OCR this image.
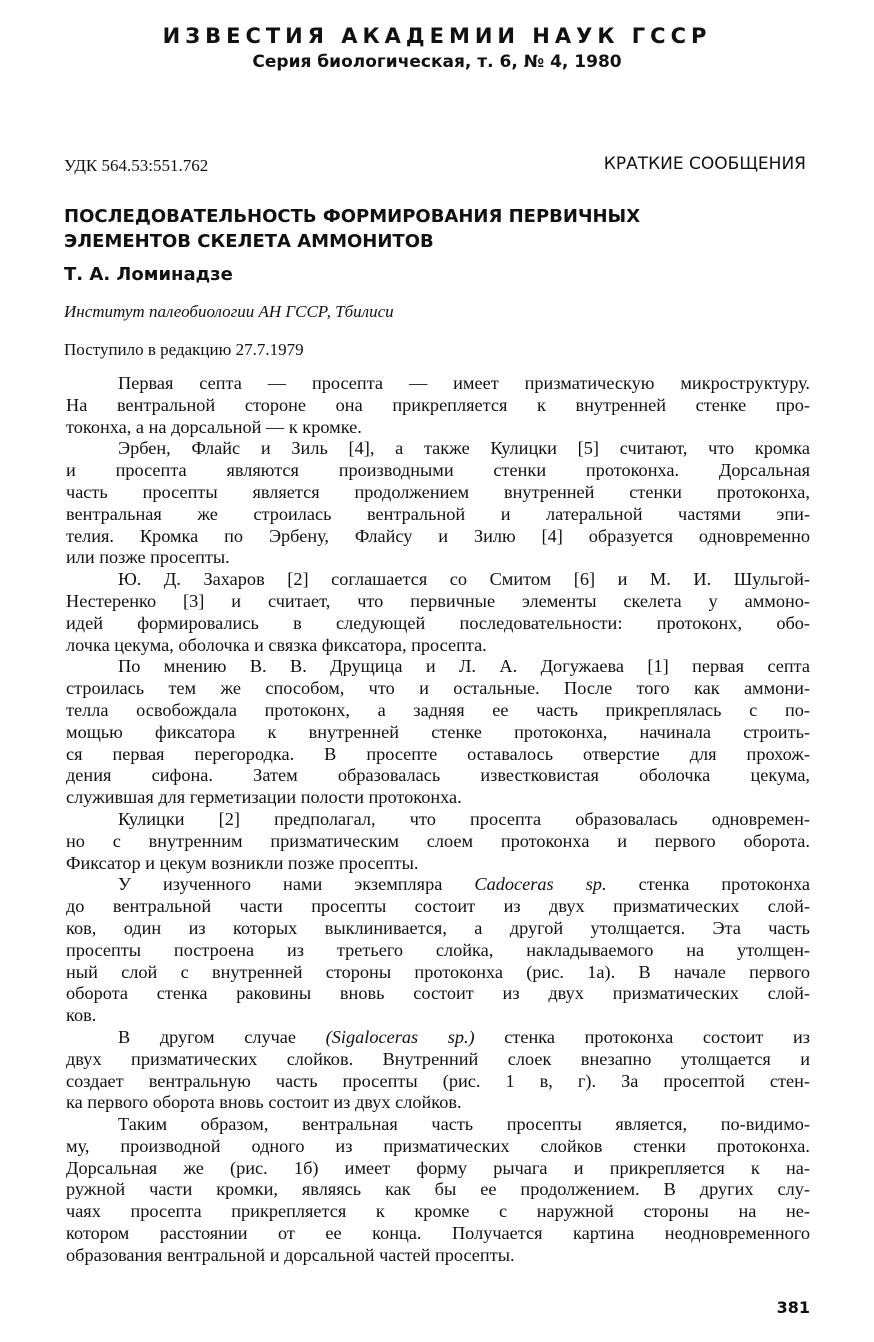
ИЗВЕСТИЯ АКАДЕМИИ НАУК ГССР
Серия биологическая, т. 6, № 4, 1980
УДК 564.53:551.762	КРАТКИЕ СООБЩЕНИЯ
ПОСЛЕДОВАТЕЛЬНОСТЬ ФОРМИРОВАНИЯ ПЕРВИЧНЫХ
ЭЛЕМЕНТОВ СКЕЛЕТА АММОНИТОВ
Т. А. Ломинадзе
Институт палеобиологии АН ГССР, Тбилиси
Поступило в редакцию 27.7.1979
Первая септа — просепта — имеет призматическую микроструктуру.
На вентральной стороне она прикрепляется к внутренней стенке про-
токонха, а на дорсальной — к кромке.
Эрбен, Флайс и Зиль [4], а также Кулицки [5] считают, что кромка
и просепта являются производными стенки протоконха. Дорсальная
часть просепты является продолжением внутренней стенки протоконха,
вентральная же строилась вентральной и латеральной частями эпи-
телия. Кромка по Эрбену, Флайсу и Зилю [4] образуется одновременно
или позже просепты.
Ю. Д. Захаров [2] соглашается со Смитом [6] и М. И. Шульгой-
Нестеренко [3] и считает, что первичные элементы скелета у аммоно-
идей формировались в следующей последовательности: протоконх, обо-
лочка цекума, оболочка и связка фиксатора, просепта.
По мнению В. В. Друщица и Л. А. Догужаева [1] первая септа
строилась тем же способом, что и остальные. После того как аммони-
телла освобождала протоконх, а задняя ее часть прикреплялась с по-
мощью фиксатора к внутренней стенке протоконха, начинала строить-
ся первая перегородка. В просепте оставалось отверстие для прохож-
дения сифона. Затем образовалась известковистая оболочка цекума,
служившая для герметизации полости протоконха.
Кулицки [2] предполагал, что просепта образовалась одновремен-
но с внутренним призматическим слоем протоконха и первого оборота.
Фиксатор и цекум возникли позже просепты.
У изученного нами экземпляра Cadoceras sp. стенка протоконха
до вентральной части просепты состоит из двух призматических слой-
ков, один из которых выклинивается, а другой утолщается. Эта часть
просепты построена из третьего слойка, накладываемого на утолщен-
ный слой с внутренней стороны протоконха (рис. 1а). В начале первого
оборота стенка раковины вновь состоит из двух призматических слой-
ков.
В другом случае (Sigaloceras sp.) стенка протоконха состоит из
двух призматических слойков. Внутренний слоек внезапно утолщается и
создает вентральную часть просепты (рис. 1 в, г). За просептой стен-
ка первого оборота вновь состоит из двух слойков.
Таким образом, вентральная часть просепты является, по-видимо-
му, производной одного из призматических слойков стенки протоконха.
Дорсальная же (рис. 1б) имеет форму рычага и прикрепляется к на-
ружной части кромки, являясь как бы ее продолжением. В других слу-
чаях просепта прикрепляется к кромке с наружной стороны на не-
котором расстоянии от ее конца. Получается картина неодновременного
образования вентральной и дорсальной частей просепты.
381
